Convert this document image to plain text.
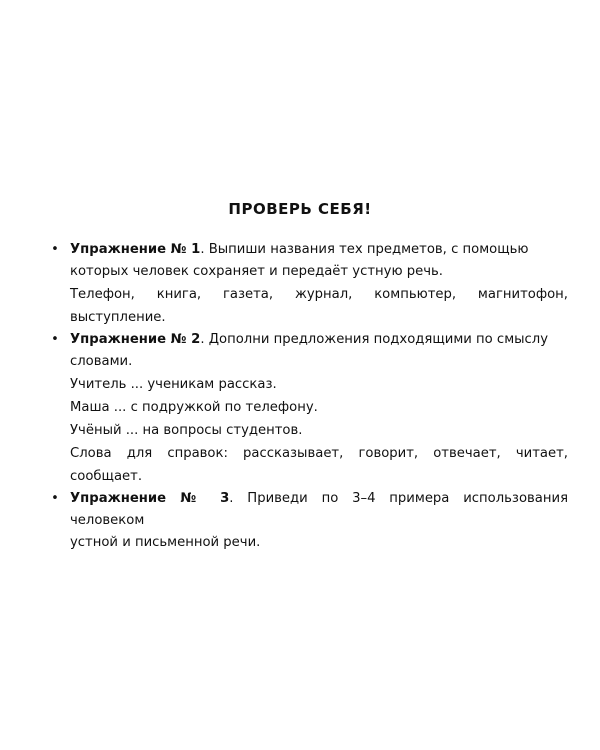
ПРОВЕРЬ СЕБЯ!
• Упражнение № 1. Выпиши названия тех предметов, с помощью

которых человек сохраняет и передаёт устную речь.

Телефон, книга, газета, журнал, компьютер, магнитофон,

выступление.

• Упражнение № 2. Дополни предложения подходящими по смыслу

словами.

Учитель ... ученикам рассказ.

Маша ... с подружкой по телефону.

Учёный ... на вопросы студентов.

Слова для справок: рассказывает, говорит, отвечает, читает,

сообщает.

• Упражнение № 3. Приведи по 3–4 примера использования человеком

устной и письменной речи.
